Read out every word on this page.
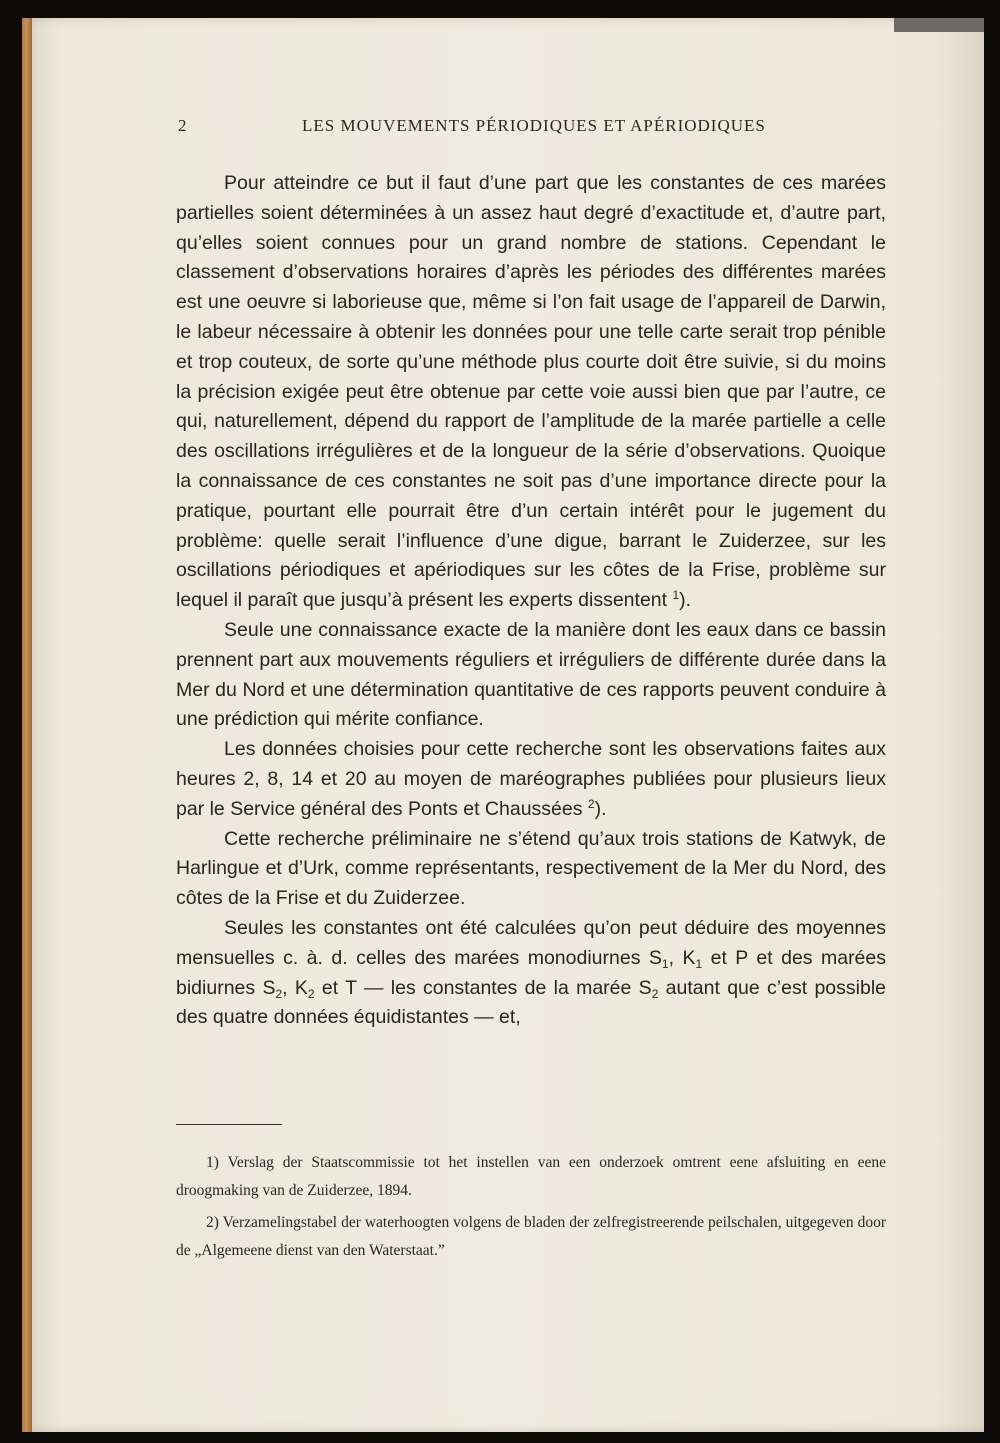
2	LES MOUVEMENTS PÉRIODIQUES ET APÉRIODIQUES

Pour atteindre ce but il faut d’une part que les constantes de ces marées partielles soient déterminées à un assez haut degré d’exactitude et, d’autre part, qu’elles soient connues pour un grand nombre de stations. Cependant le classement d’observations horaires d’après les périodes des différentes marées est une oeuvre si laborieuse que, même si l’on fait usage de l’appareil de Darwin, le labeur nécessaire à obtenir les données pour une telle carte serait trop pénible et trop couteux, de sorte qu’une méthode plus courte doit être suivie, si du moins la précision exigée peut être obtenue par cette voie aussi bien que par l’autre, ce qui, naturellement, dépend du rapport de l’amplitude de la marée partielle a celle des oscillations irrégulières et de la longueur de la série d’observations. Quoique la connaissance de ces constantes ne soit pas d’une importance directe pour la pratique, pourtant elle pourrait être d’un certain intérêt pour le jugement du problème: quelle serait l’influence d’une digue, barrant le Zuiderzee, sur les oscillations périodiques et apériodiques sur les côtes de la Frise, problème sur lequel il paraît que jusqu’à présent les experts dissentent $^1$).

Seule une connaissance exacte de la manière dont les eaux dans ce bassin prennent part aux mouvements réguliers et irréguliers de différente durée dans la Mer du Nord et une détermination quantitative de ces rapports peuvent conduire à une prédiction qui mérite confiance.

Les données choisies pour cette recherche sont les observations faites aux heures 2, 8, 14 et 20 au moyen de maréographes publiées pour plusieurs lieux par le Service général des Ponts et Chaussées $^2$).

Cette recherche préliminaire ne s’étend qu’aux trois stations de Katwyk, de Harlingue et d’Urk, comme représentants, respectivement de la Mer du Nord, des côtes de la Frise et du Zuiderzee.

Seules les constantes ont été calculées qu’on peut déduire des moyennes mensuelles c. à. d. celles des marées monodiurnes $S_1$, $K_1$ et P et des marées bidiurnes $S_2$, $K_2$ et T — les constantes de la marée $S_2$ autant que c’est possible des quatre données équidistantes — et,

1) Verslag der Staatscommissie tot het instellen van een onderzoek omtrent eene afsluiting en eene droogmaking van de Zuiderzee, 1894.

2) Verzamelingstabel der waterhoogten volgens de bladen der zelfregistreerende peilschalen, uitgegeven door de „Algemeene dienst van den Waterstaat.”
